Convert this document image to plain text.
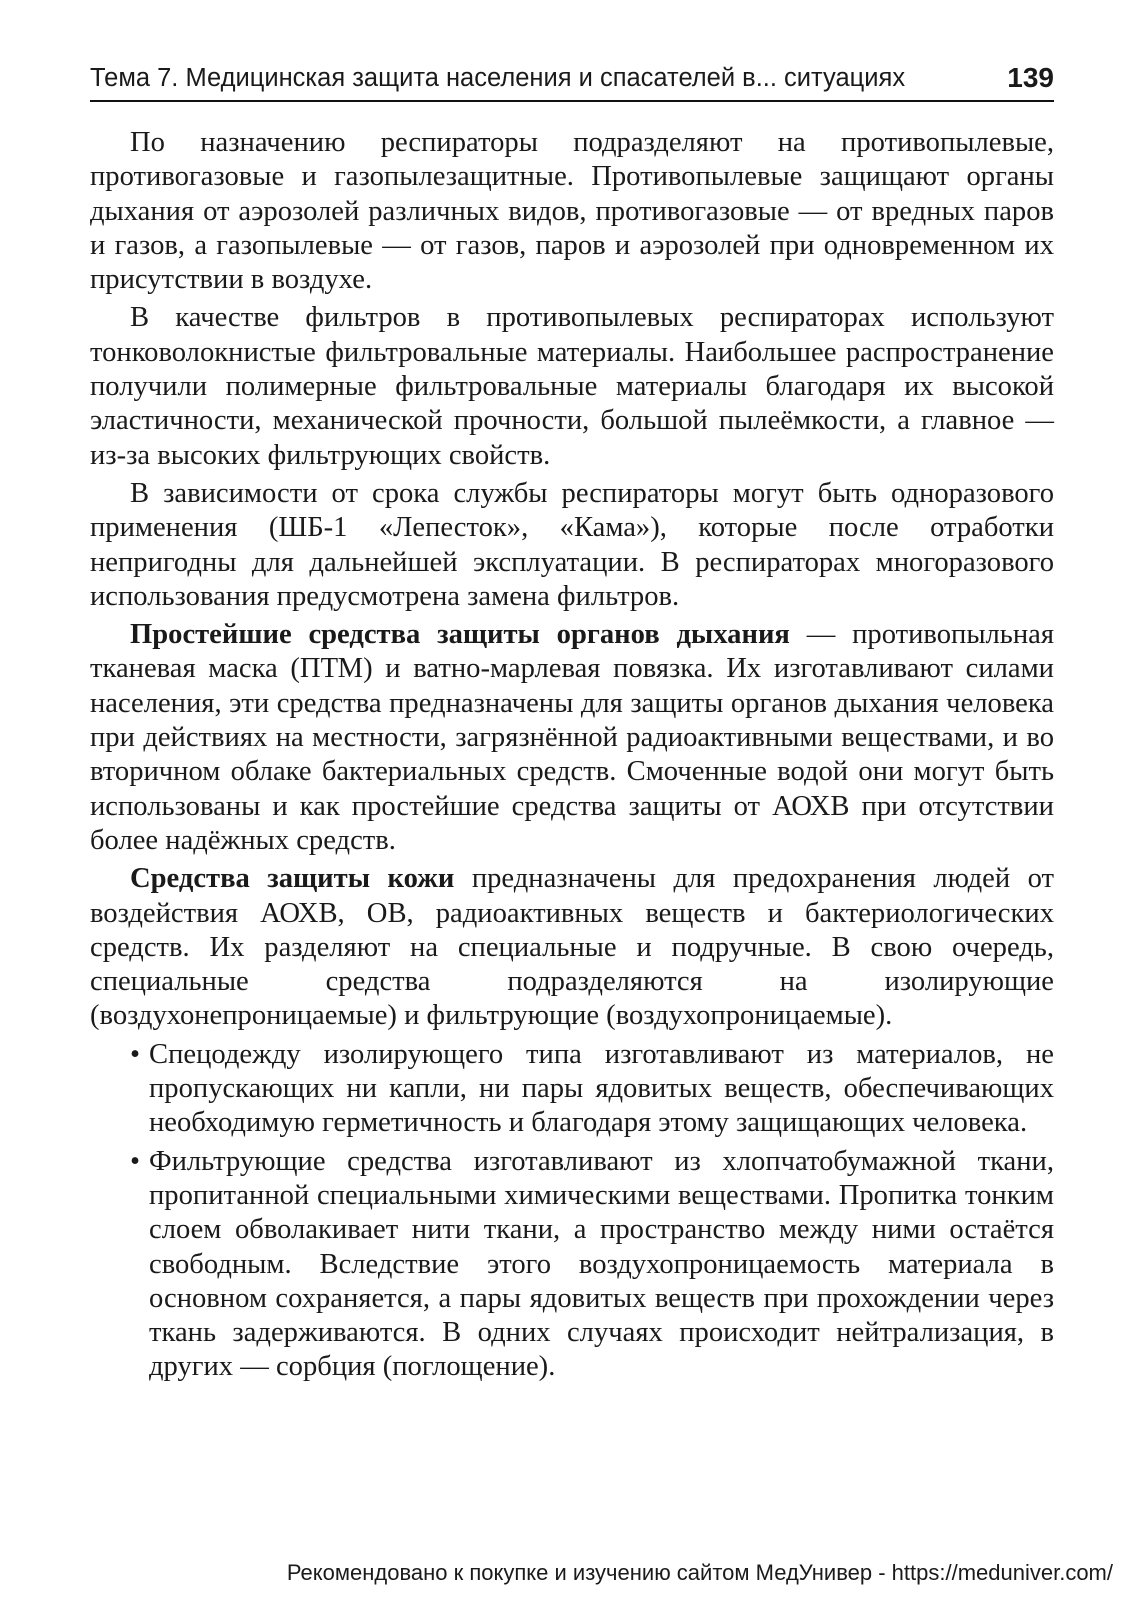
Тема 7. Медицинская защита населения и спасателей в... ситуациях	139

По назначению респираторы подразделяют на противопылевые, противогазовые и газопылезащитные. Противопылевые защищают органы дыхания от аэрозолей различных видов, противогазовые — от вредных паров и газов, а газопылевые — от газов, паров и аэрозолей при одновременном их присутствии в воздухе.

В качестве фильтров в противопылевых респираторах используют тонковолокнистые фильтровальные материалы. Наибольшее распространение получили полимерные фильтровальные материалы благодаря их высокой эластичности, механической прочности, большой пылеёмкости, а главное — из-за высоких фильтрующих свойств.

В зависимости от срока службы респираторы могут быть одноразового применения (ШБ-1 «Лепесток», «Кама»), которые после отработки непригодны для дальнейшей эксплуатации. В респираторах многоразового использования предусмотрена замена фильтров.

Простейшие средства защиты органов дыхания — противопыльная тканевая маска (ПТМ) и ватно-марлевая повязка. Их изготавливают силами населения, эти средства предназначены для защиты органов дыхания человека при действиях на местности, загрязнённой радиоактивными веществами, и во вторичном облаке бактериальных средств. Смоченные водой они могут быть использованы и как простейшие средства защиты от АОХВ при отсутствии более надёжных средств.

Средства защиты кожи предназначены для предохранения людей от воздействия АОХВ, ОВ, радиоактивных веществ и бактериологических средств. Их разделяют на специальные и подручные. В свою очередь, специальные средства подразделяются на изолирующие (воздухонепроницаемые) и фильтрующие (воздухопроницаемые).

• Спецодежду изолирующего типа изготавливают из материалов, не пропускающих ни капли, ни пары ядовитых веществ, обеспечивающих необходимую герметичность и благодаря этому защищающих человека.
• Фильтрующие средства изготавливают из хлопчатобумажной ткани, пропитанной специальными химическими веществами. Пропитка тонким слоем обволакивает нити ткани, а пространство между ними остаётся свободным. Вследствие этого воздухопроницаемость материала в основном сохраняется, а пары ядовитых веществ при прохождении через ткань задерживаются. В одних случаях происходит нейтрализация, в других — сорбция (поглощение).
Рекомендовано к покупке и изучению сайтом МедУнивер - https://meduniver.com/
